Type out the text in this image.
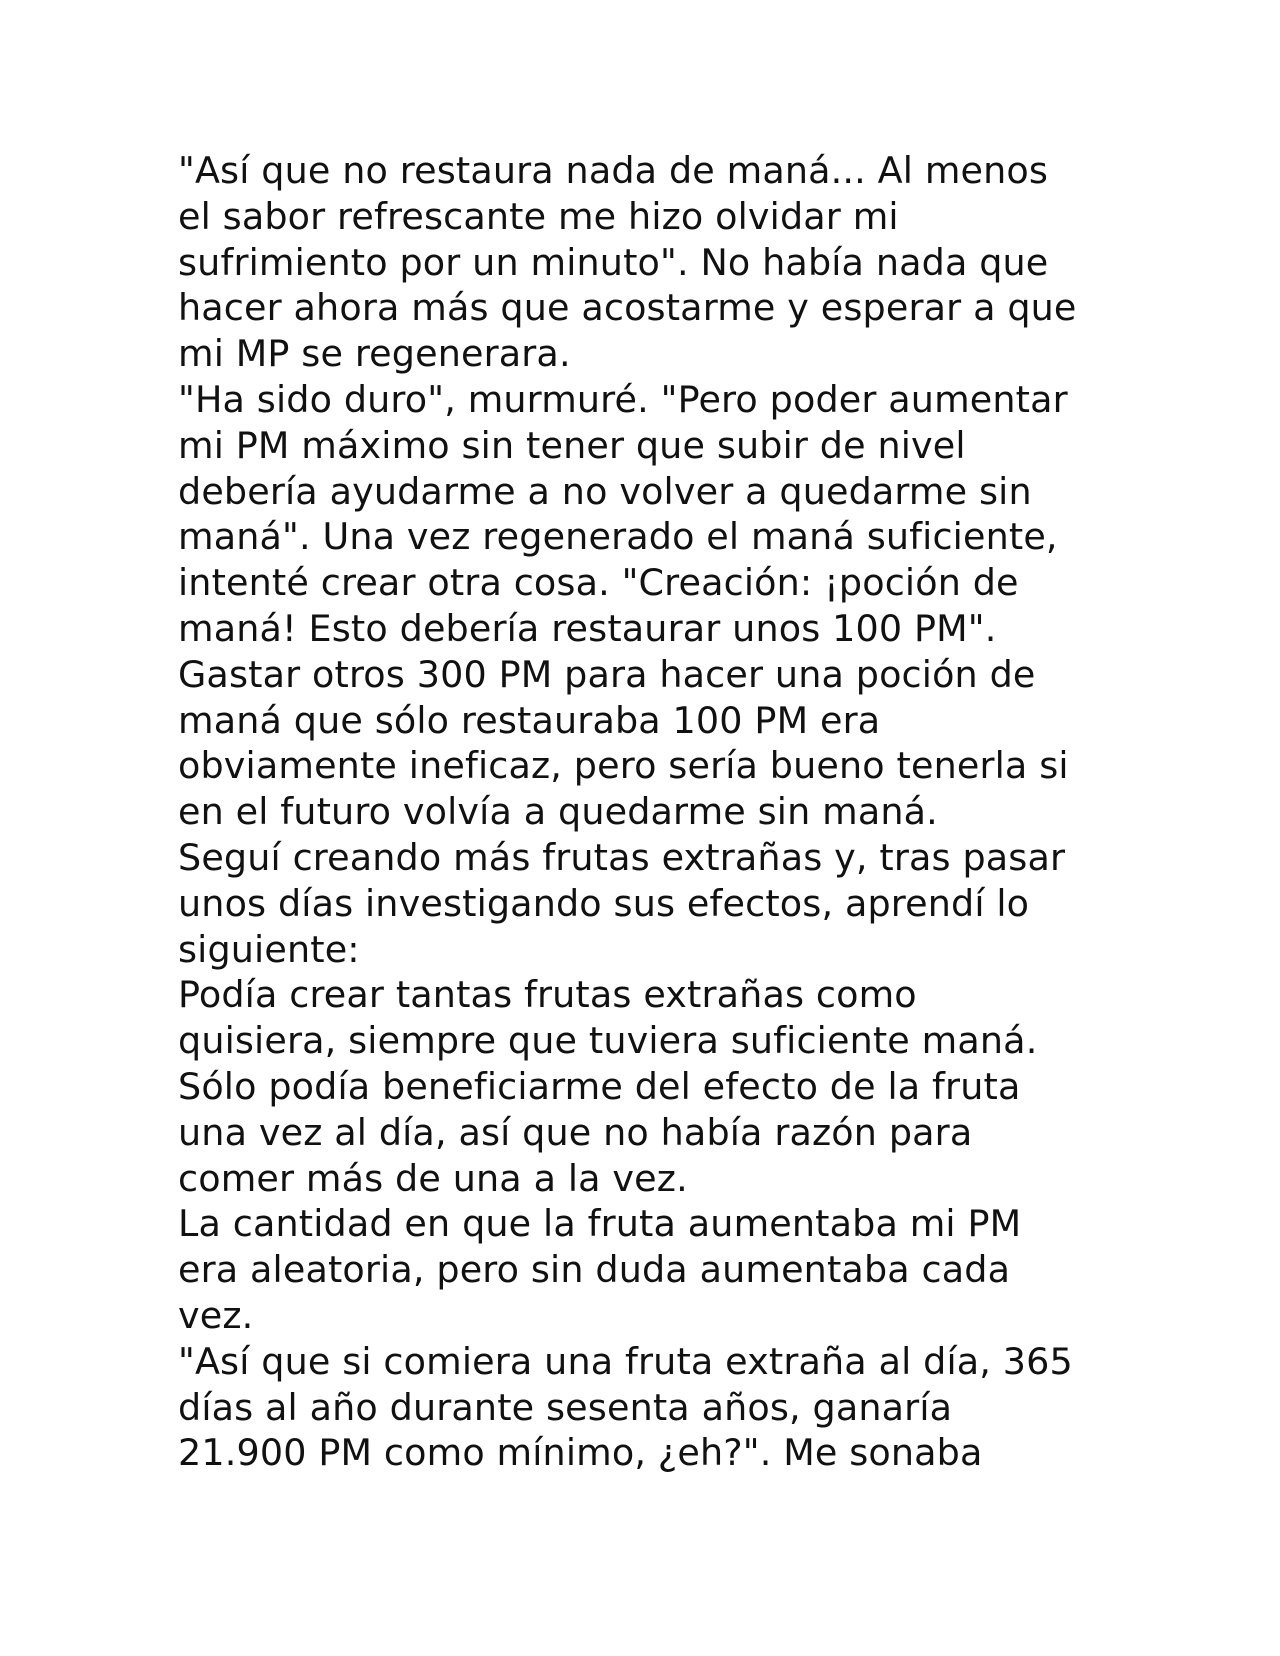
"Así que no restaura nada de maná... Al menos
el sabor refrescante me hizo olvidar mi
sufrimiento por un minuto". No había nada que
hacer ahora más que acostarme y esperar a que
mi MP se regenerara.
"Ha sido duro", murmuré. "Pero poder aumentar
mi PM máximo sin tener que subir de nivel
debería ayudarme a no volver a quedarme sin
maná". Una vez regenerado el maná suficiente,
intenté crear otra cosa. "Creación: ¡poción de
maná! Esto debería restaurar unos 100 PM".
Gastar otros 300 PM para hacer una poción de
maná que sólo restauraba 100 PM era
obviamente ineficaz, pero sería bueno tenerla si
en el futuro volvía a quedarme sin maná.
Seguí creando más frutas extrañas y, tras pasar
unos días investigando sus efectos, aprendí lo
siguiente:
Podía crear tantas frutas extrañas como
quisiera, siempre que tuviera suficiente maná.
Sólo podía beneficiarme del efecto de la fruta
una vez al día, así que no había razón para
comer más de una a la vez.
La cantidad en que la fruta aumentaba mi PM
era aleatoria, pero sin duda aumentaba cada
vez.
"Así que si comiera una fruta extraña al día, 365
días al año durante sesenta años, ganaría
21.900 PM como mínimo, ¿eh?". Me sonaba
